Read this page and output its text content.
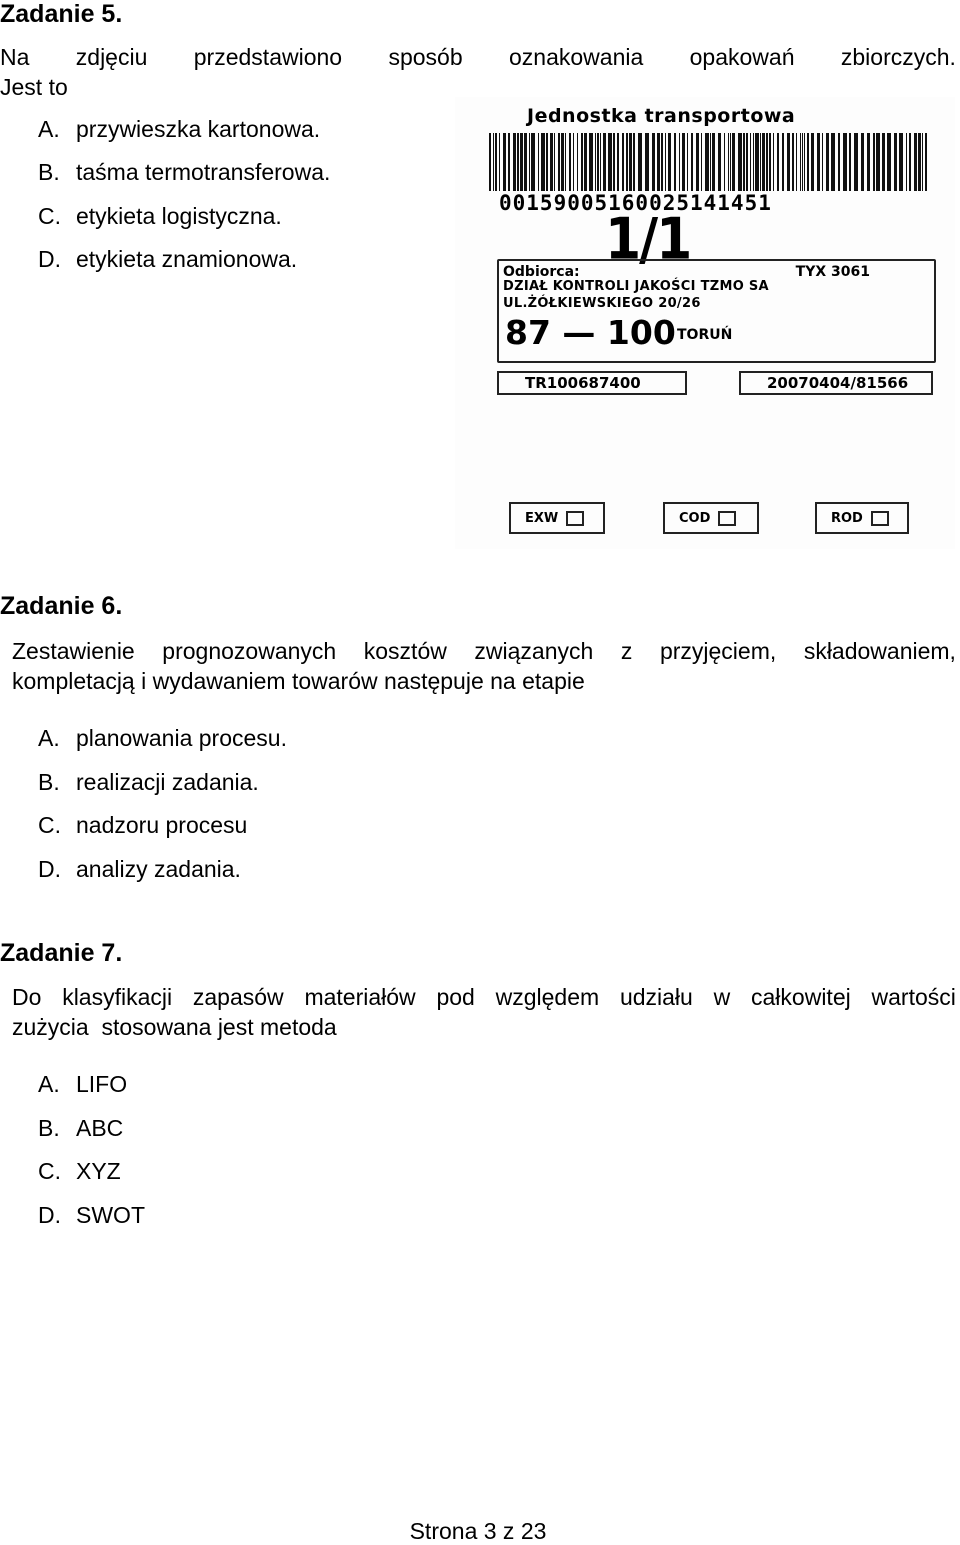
Zadanie 5.
Na zdjęciu przedstawiono sposób oznakowania opakowań zbiorczych.
Jest to
A. przywieszka kartonowa.
B. taśma termotransferowa.
C. etykieta logistyczna.
D. etykieta znamionowa.
Jednostka transportowa
00159005160025141451
1/1
Odbiorca:	TYX 3061
DZIAŁ KONTROLI JAKOŚCI TZMO SA
UL.ŻÓŁKIEWSKIEGO 20/26
87 — 100 TORUŃ
TR100687400	20070404/81566
EXW	COD	ROD
Zadanie 6.
Zestawienie prognozowanych kosztów związanych z przyjęciem, składowaniem,
kompletacją i wydawaniem towarów następuje na etapie
A. planowania procesu.
B. realizacji zadania.
C. nadzoru procesu
D. analizy zadania.
Zadanie 7.
Do klasyfikacji zapasów materiałów pod względem udziału w całkowitej wartości
zużycia  stosowana jest metoda
A. LIFO
B. ABC
C. XYZ
D. SWOT
Strona 3 z 23
